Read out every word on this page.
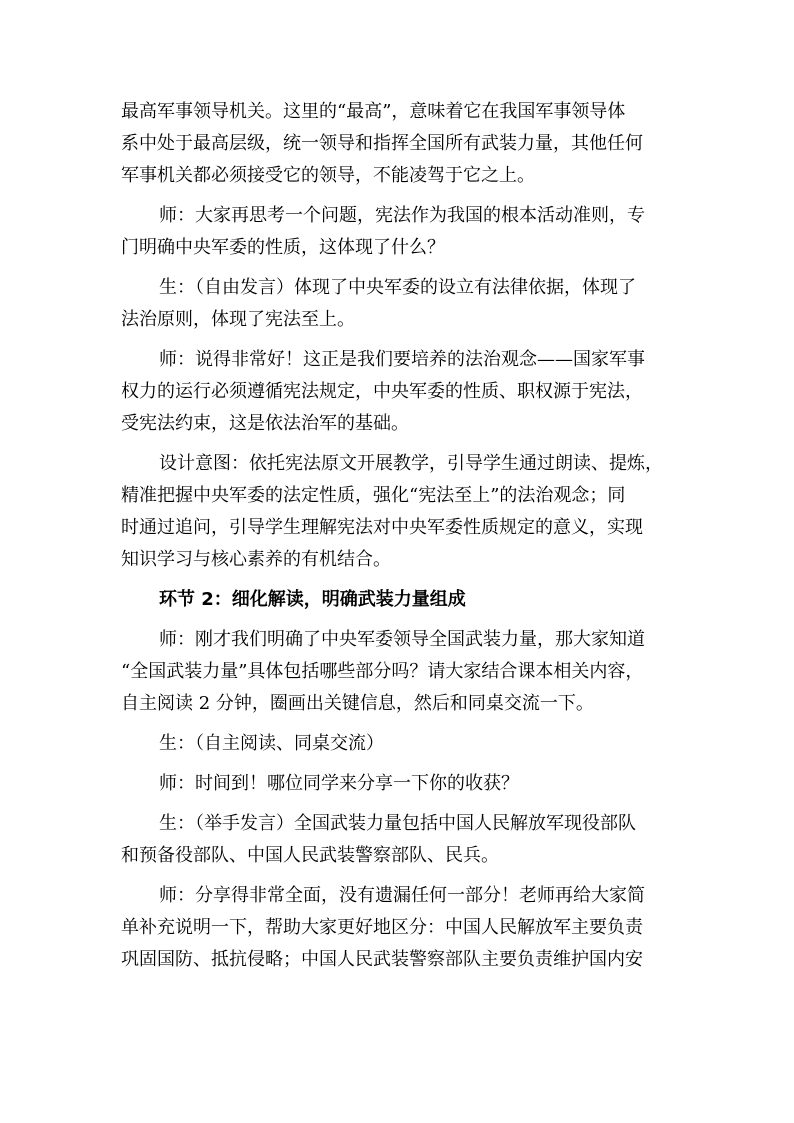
最高军事领导机关。这里的“最高”，意味着它在我国军事领导体
系中处于最高层级，统一领导和指挥全国所有武装力量，其他任何
军事机关都必须接受它的领导，不能凌驾于它之上。
师：大家再思考一个问题，宪法作为我国的根本活动准则，专
门明确中央军委的性质，这体现了什么？
生：（自由发言）体现了中央军委的设立有法律依据，体现了
法治原则，体现了宪法至上。
师：说得非常好！这正是我们要培养的法治观念——国家军事
权力的运行必须遵循宪法规定，中央军委的性质、职权源于宪法，
受宪法约束，这是依法治军的基础。
设计意图：依托宪法原文开展教学，引导学生通过朗读、提炼，
精准把握中央军委的法定性质，强化“宪法至上”的法治观念；同
时通过追问，引导学生理解宪法对中央军委性质规定的意义，实现
知识学习与核心素养的有机结合。
环节 2：细化解读，明确武装力量组成
师：刚才我们明确了中央军委领导全国武装力量，那大家知道
“全国武装力量”具体包括哪些部分吗？请大家结合课本相关内容，
自主阅读 2 分钟，圈画出关键信息，然后和同桌交流一下。
生：（自主阅读、同桌交流）
师：时间到！哪位同学来分享一下你的收获？
生：（举手发言）全国武装力量包括中国人民解放军现役部队
和预备役部队、中国人民武装警察部队、民兵。
师：分享得非常全面，没有遗漏任何一部分！老师再给大家简
单补充说明一下，帮助大家更好地区分：中国人民解放军主要负责
巩固国防、抵抗侵略；中国人民武装警察部队主要负责维护国内安
